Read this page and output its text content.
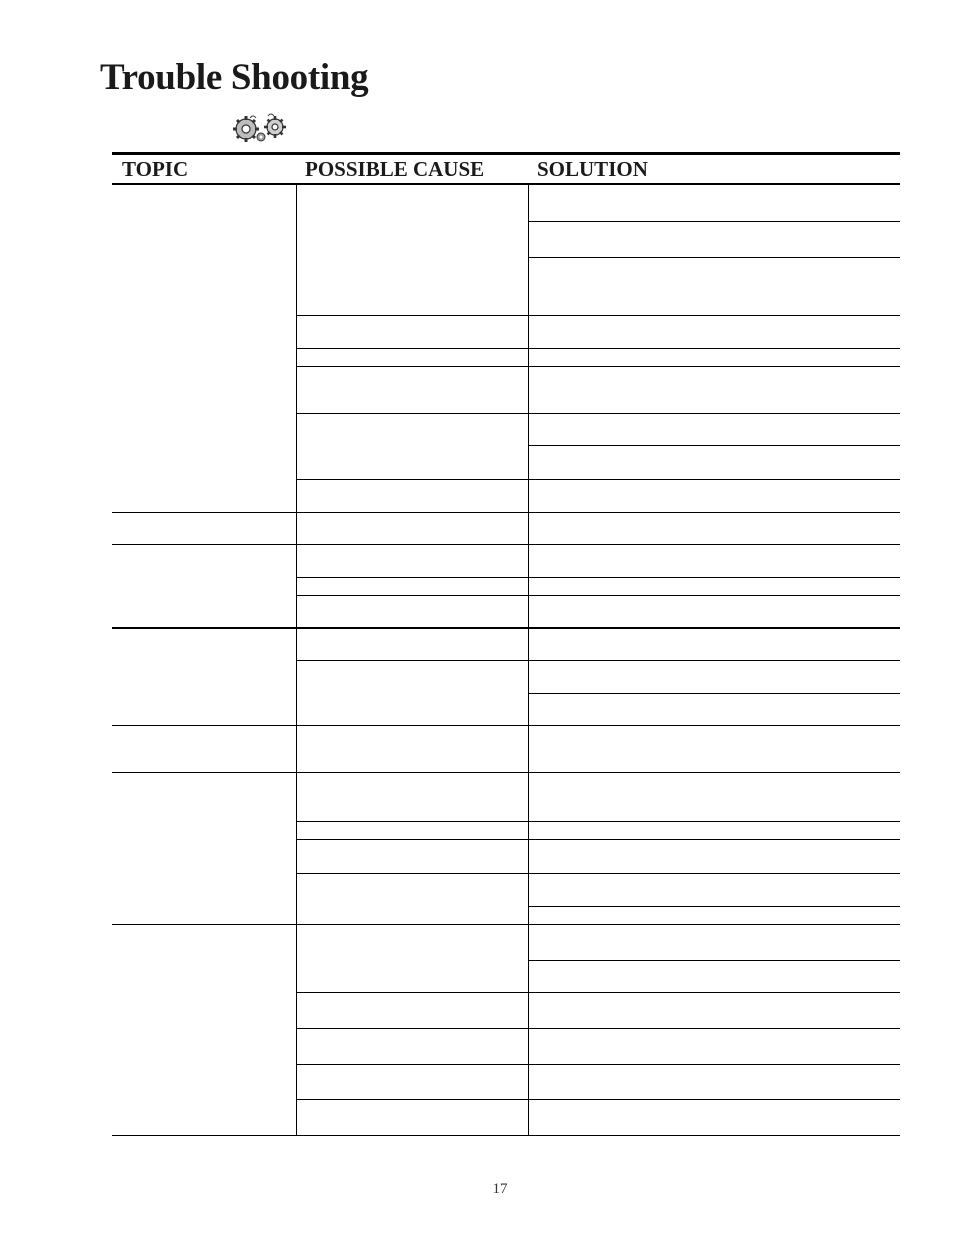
Trouble Shooting
TOPIC	POSSIBLE CAUSE	SOLUTION
17
